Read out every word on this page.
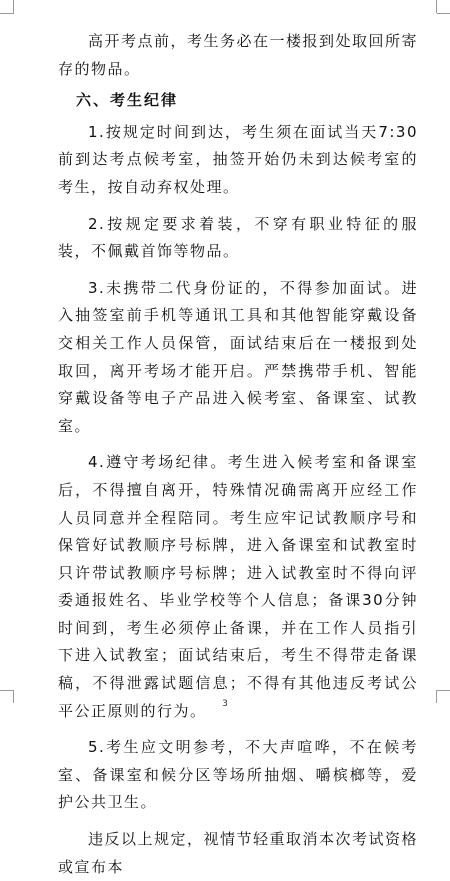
高开考点前，考生务必在一楼报到处取回所寄存的物品。

六、考生纪律

1.按规定时间到达，考生须在面试当天7:30前到达考点候考室，抽签开始仍未到达候考室的考生，按自动弃权处理。

2.按规定要求着装，不穿有职业特征的服装，不佩戴首饰等物品。

3.未携带二代身份证的，不得参加面试。进入抽签室前手机等通讯工具和其他智能穿戴设备交相关工作人员保管，面试结束后在一楼报到处取回，离开考场才能开启。严禁携带手机、智能穿戴设备等电子产品进入候考室、备课室、试教室。

4.遵守考场纪律。考生进入候考室和备课室后，不得擅自离开，特殊情况确需离开应经工作人员同意并全程陪同。考生应牢记试教顺序号和保管好试教顺序号标牌，进入备课室和试教室时只许带试教顺序号标牌；进入试教室时不得向评委通报姓名、毕业学校等个人信息；备课30分钟时间到，考生必须停止备课，并在工作人员指引下进入试教室；面试结束后，考生不得带走备课稿，不得泄露试题信息；不得有其他违反考试公平公正原则的行为。

5.考生应文明参考，不大声喧哗，不在候考室、备课室和候分区等场所抽烟、嚼槟榔等，爱护公共卫生。

违反以上规定，视情节轻重取消本次考试资格或宣布本

3
